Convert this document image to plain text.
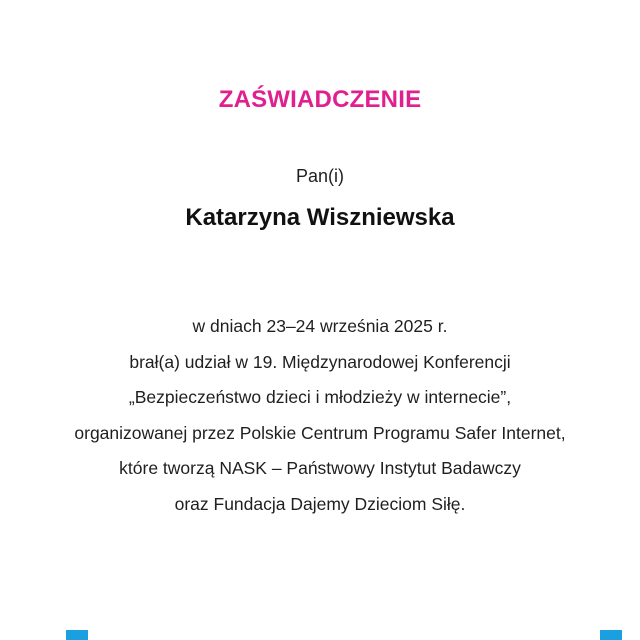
ZAŚWIADCZENIE
Pan(i)
Katarzyna Wiszniewska
w dniach 23–24 września 2025 r.
brał(a) udział w 19. Międzynarodowej Konferencji
„Bezpieczeństwo dzieci i młodzieży w internecie”,
organizowanej przez Polskie Centrum Programu Safer Internet,
które tworzą NASK – Państwowy Instytut Badawczy
oraz Fundacja Dajemy Dzieciom Siłę.
